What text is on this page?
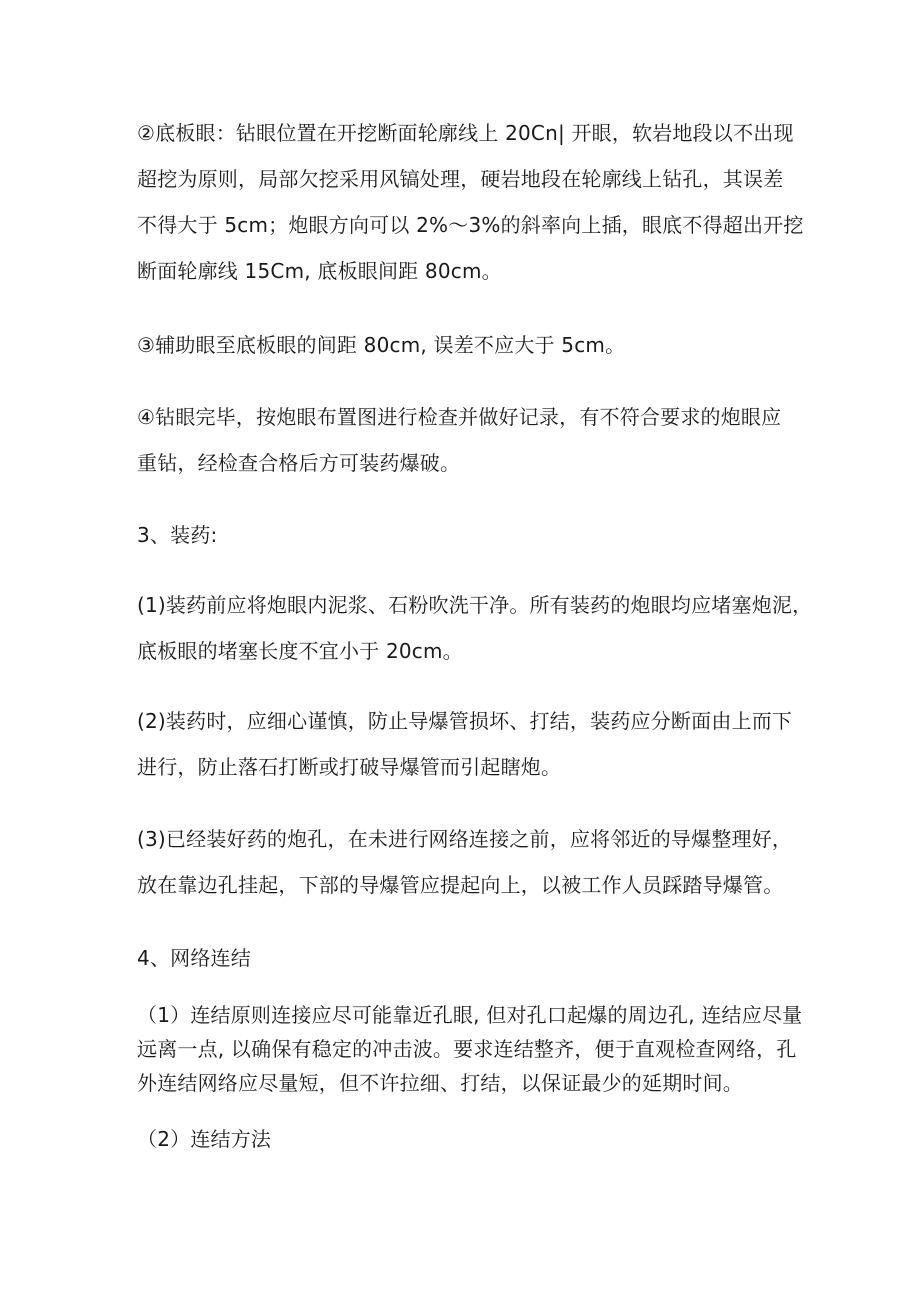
②底板眼：钻眼位置在开挖断面轮廓线上 20Cn| 开眼，软岩地段以不出现
超挖为原则，局部欠挖采用风镐处理，硬岩地段在轮廓线上钻孔，其误差
不得大于 5cm；炮眼方向可以 2%～3%的斜率向上插，眼底不得超出开挖
断面轮廓线 15Cm, 底板眼间距 80cm。
③辅助眼至底板眼的间距 80cm, 误差不应大于 5cm。
④钻眼完毕，按炮眼布置图进行检查并做好记录，有不符合要求的炮眼应
重钻，经检查合格后方可装药爆破。
3、装药:
(1)装药前应将炮眼内泥浆、石粉吹洗干净。所有装药的炮眼均应堵塞炮泥，
底板眼的堵塞长度不宜小于 20cm。
(2)装药时，应细心谨慎，防止导爆管损坏、打结，装药应分断面由上而下
进行，防止落石打断或打破导爆管而引起瞎炮。
(3)已经装好药的炮孔，在未进行网络连接之前，应将邻近的导爆整理好，
放在靠边孔挂起，下部的导爆管应提起向上，以被工作人员踩踏导爆管。
4、网络连结
（1）连结原则连接应尽可能靠近孔眼, 但对孔口起爆的周边孔, 连结应尽量
远离一点, 以确保有稳定的冲击波。要求连结整齐，便于直观检查网络，孔
外连结网络应尽量短，但不许拉细、打结，以保证最少的延期时间。
（2）连结方法
